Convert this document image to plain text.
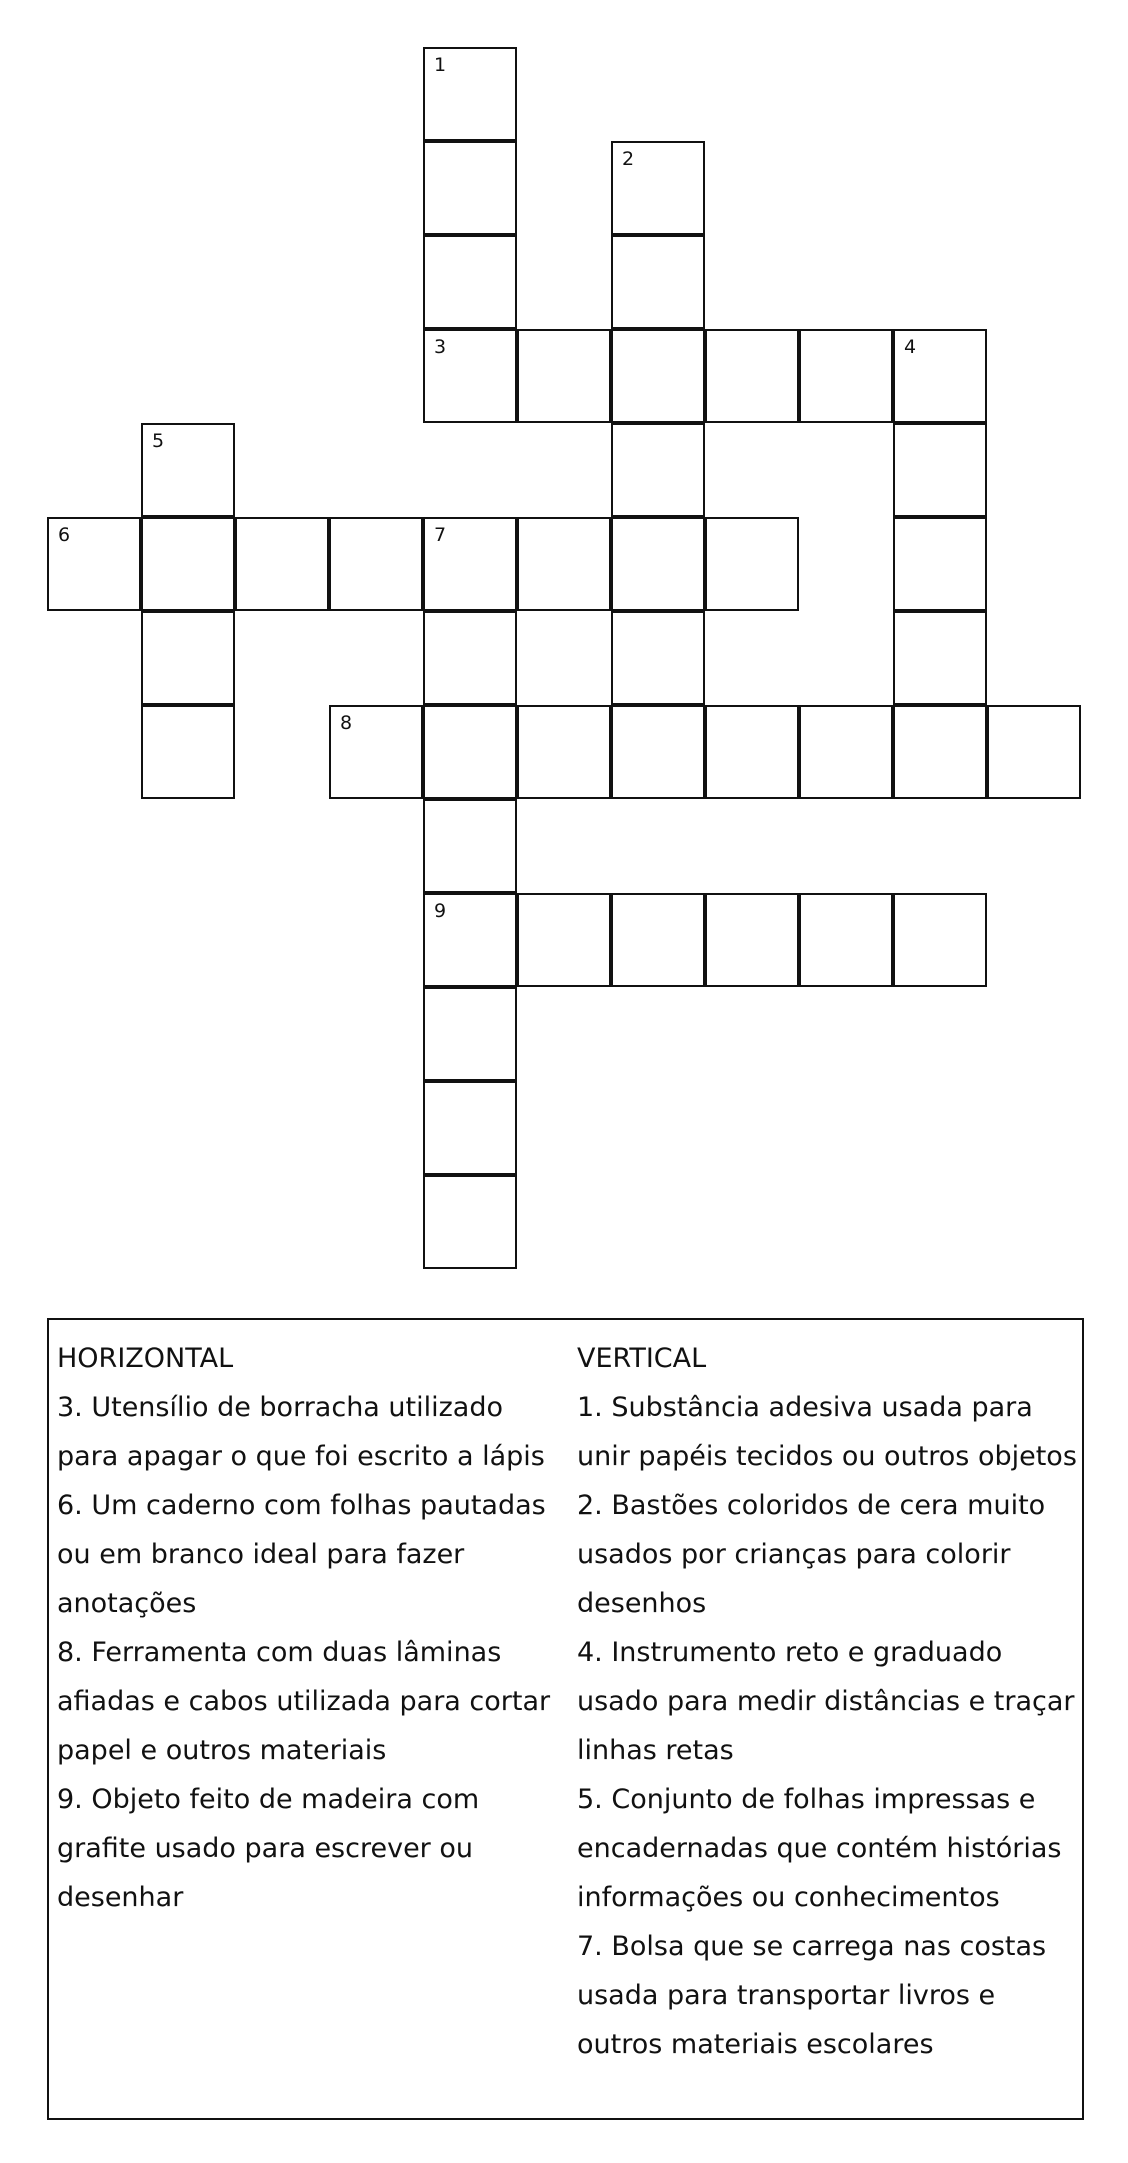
1
2
3	4
5
6	7
8
9
HORIZONTAL
3. Utensílio de borracha utilizado para apagar o que foi escrito a lápis
6. Um caderno com folhas pautadas ou em branco ideal para fazer anotações
8. Ferramenta com duas lâminas afiadas e cabos utilizada para cortar papel e outros materiais
9. Objeto feito de madeira com grafite usado para escrever ou desenhar
VERTICAL
1. Substância adesiva usada para unir papéis tecidos ou outros objetos
2. Bastões coloridos de cera muito usados por crianças para colorir desenhos
4. Instrumento reto e graduado usado para medir distâncias e traçar linhas retas
5. Conjunto de folhas impressas e encadernadas que contém histórias informações ou conhecimentos
7. Bolsa que se carrega nas costas usada para transportar livros e outros materiais escolares
